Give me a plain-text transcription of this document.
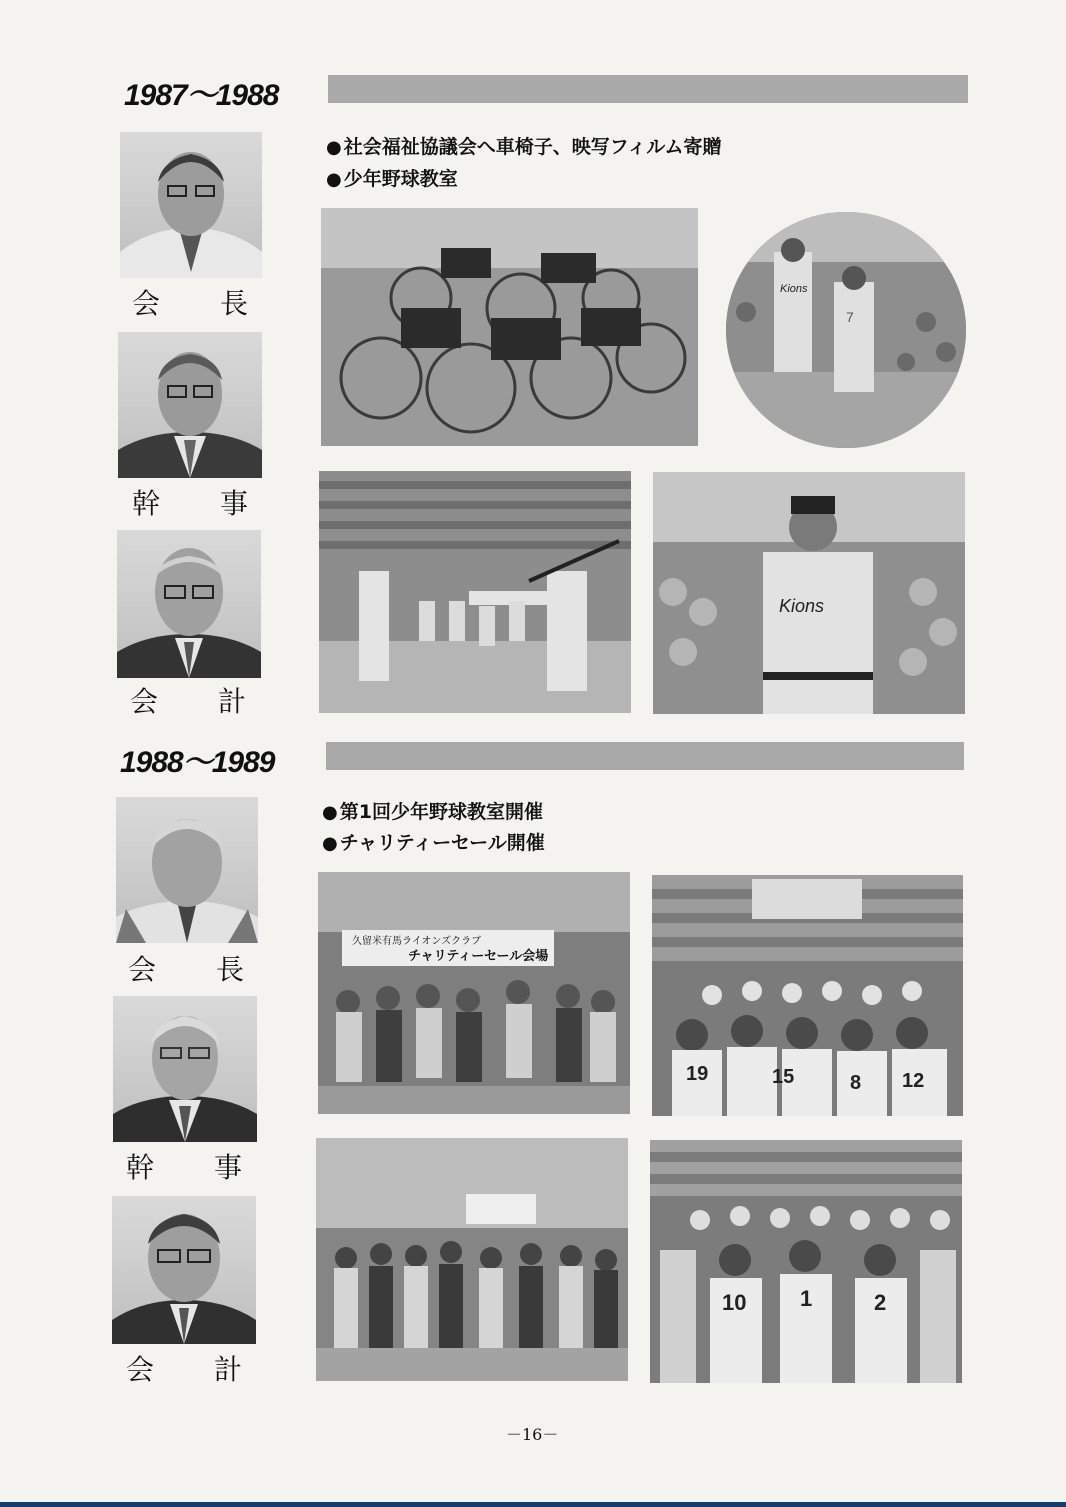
1987～1988
● 社会福祉協議会へ車椅子、映写フィルム寄贈
● 少年野球教室
会 長
幹 事
会 計
Kions
7
Kions
1988～1989
● 第1回少年野球教室開催
● チャリティーセール開催
会 長
幹 事
会 計
久留米有馬ライオンズクラブ
チャリティーセール会場
19	15	8 12
10 1	2
－16－
